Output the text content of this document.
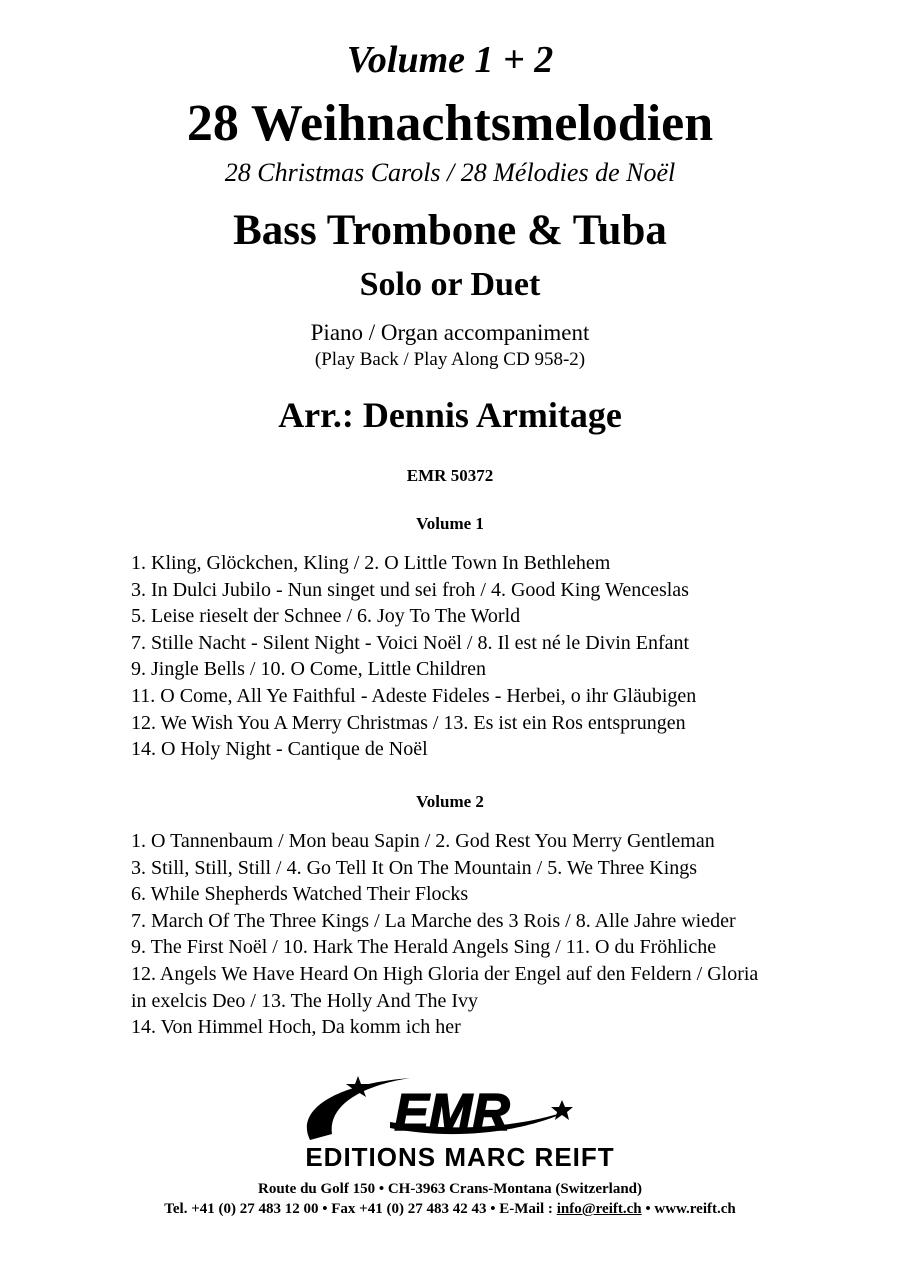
Volume 1 + 2
28 Weihnachtsmelodien
28 Christmas Carols / 28 Mélodies de Noël
Bass Trombone & Tuba
Solo or Duet
Piano / Organ accompaniment
(Play Back / Play Along CD 958-2)
Arr.: Dennis Armitage
EMR 50372
Volume 1
1. Kling, Glöckchen, Kling / 2. O Little Town In Bethlehem
3. In Dulci Jubilo - Nun singet und sei froh / 4. Good King Wenceslas
5. Leise rieselt der Schnee / 6. Joy To The World
7. Stille Nacht - Silent Night - Voici Noël / 8. Il est né le Divin Enfant
9. Jingle Bells / 10. O Come, Little Children
11. O Come, All Ye Faithful - Adeste Fideles - Herbei, o ihr Gläubigen
12. We Wish You A Merry Christmas / 13. Es ist ein Ros entsprungen
14. O Holy Night - Cantique de Noël
Volume 2
1. O Tannenbaum / Mon beau Sapin / 2. God Rest You Merry Gentleman
3. Still, Still, Still / 4. Go Tell It On The Mountain / 5. We Three Kings
6. While Shepherds Watched Their Flocks
7. March Of The Three Kings / La Marche des 3 Rois / 8. Alle Jahre wieder
9. The First Noël / 10. Hark The Herald Angels Sing / 11. O du Fröhliche
12. Angels We Have Heard On High Gloria der Engel auf den Feldern / Gloria
in exelcis Deo / 13. The Holly And The Ivy
14. Von Himmel Hoch, Da komm ich her
EMR
EDITIONS MARC REIFT
Route du Golf 150 • CH-3963 Crans-Montana (Switzerland)
Tel. +41 (0) 27 483 12 00 • Fax +41 (0) 27 483 42 43 • E-Mail : info@reift.ch • www.reift.ch
